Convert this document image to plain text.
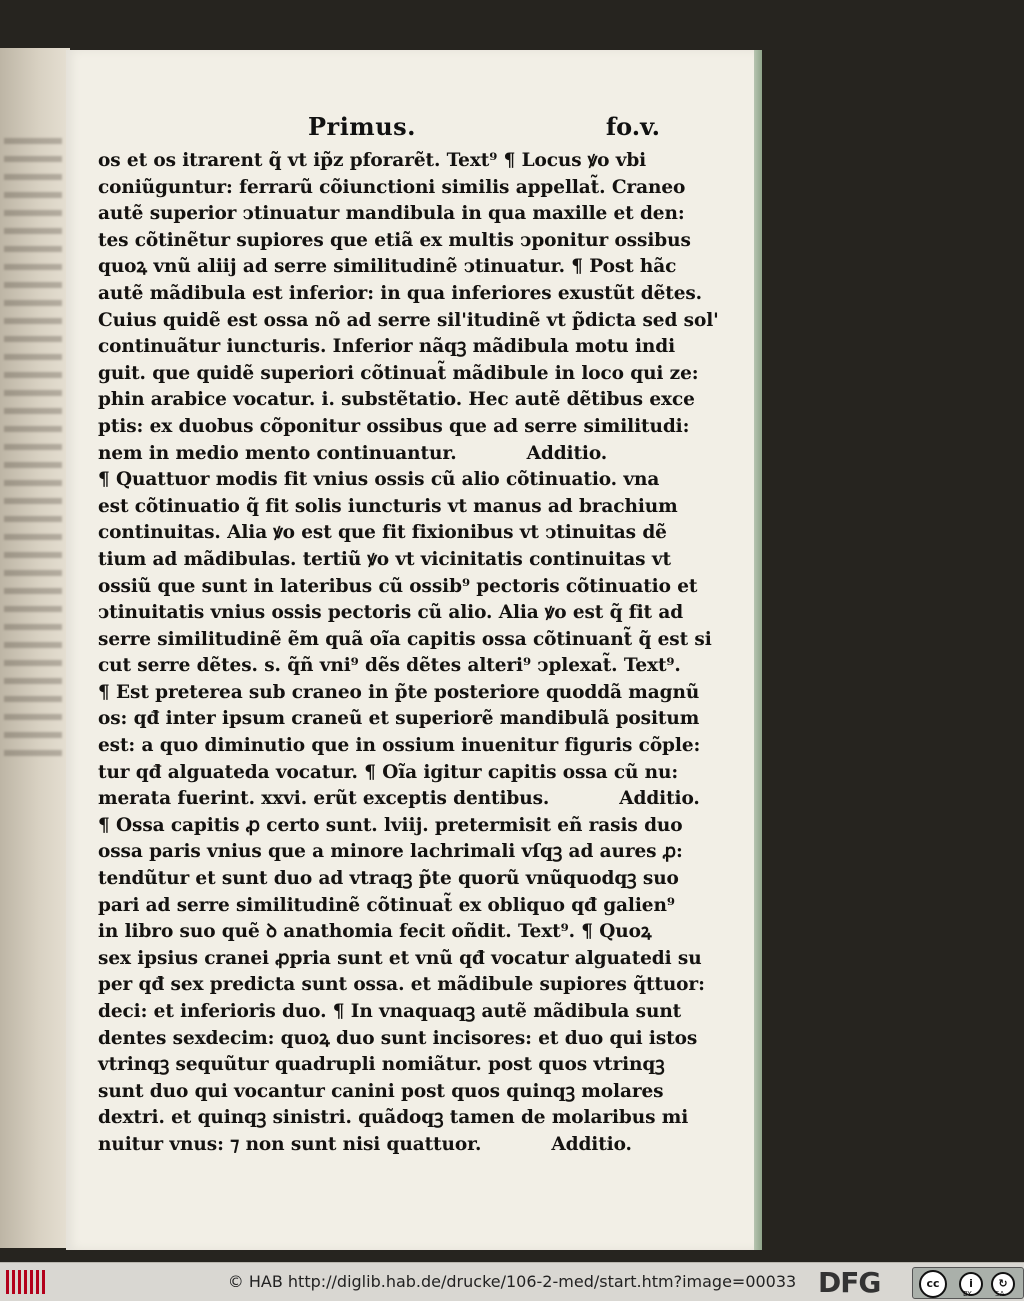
Primus.	fo.v.
os et os itrarent q̃ vt ip̃z pforarẽt. Text⁹ ¶ Locus ꝟo vbi
coniũguntur: ferrarũ cõiunctioni similis appellat̃. Craneo
autẽ superior ↄtinuatur mandibula in qua maxille et den:
tes cõtinẽtur supiores que etiã ex multis ↄponitur ossibus
quoꝝ vnũ aliĳ ad serre similitudinẽ ↄtinuatur. ¶ Post hãc
autẽ mãdibula est inferior: in qua inferiores exustũt dẽtes.
Cuius quidẽ est ossa nõ ad serre sil'itudinẽ vt p̃dicta sed sol'
continuãtur iuncturis. Inferior nãqꝫ mãdibula motu indi
guit. que quidẽ superiori cõtinuat̃ mãdibule in loco qui ze:
phin arabice vocatur. i. substẽtatio. Hec autẽ dẽtibus exce
ptis: ex duobus cõponitur ossibus que ad serre similitudi:
nem in medio mento continuantur.	Additio.
¶ Quattuor modis fit vnius ossis cũ alio cõtinuatio. vna
est cõtinuatio q̃ fit solis iuncturis vt manus ad brachium
continuitas. Alia ꝟo est que fit fixionibus vt ↄtinuitas dẽ
tium ad mãdibulas. tertiũ ꝟo vt vicinitatis continuitas vt
ossiũ que sunt in lateribus cũ ossib⁹ pectoris cõtinuatio et
ↄtinuitatis vnius ossis pectoris cũ alio. Alia ꝟo est q̃ fit ad
serre similitudinẽ ẽm quã oĩa capitis ossa cõtinuant̃ q̃ est si
cut serre dẽtes. s. q̃ñ vni⁹ dẽs dẽtes alteri⁹ ↄplexat̃. Text⁹.
¶ Est preterea sub craneo in p̃te posteriore quoddã magnũ
os: qđ inter ipsum craneũ et superiorẽ mandibulã positum
est: a quo diminutio que in ossium inuenitur figuris cõple:
tur qđ alguateda vocatur. ¶ Oĩa igitur capitis ossa cũ nu:
merata fuerint. xxvi. erũt exceptis dentibus.	Additio.
¶ Ossa capitis ꝓ certo sunt. lviĳ. pretermisit eñ rasis duo
ossa paris vnius que a minore lachrimali vſqꝫ ad aures ꝓ:
tendũtur et sunt duo ad vtraqꝫ p̃te quorũ vnũquodqꝫ suo
pari ad serre similitudinẽ cõtinuat̃ ex obliquo qđ galien⁹
in libro suo quẽ ꝺ anathomia fecit oñdit. Text⁹. ¶ Quoꝝ
sex ipsius cranei ꝓpria sunt et vnũ qđ vocatur alguatedi su
per qđ sex predicta sunt ossa. et mãdibule supiores q̃ttuor:
deci: et inferioris duo. ¶ In vnaquaqꝫ autẽ mãdibula sunt
dentes sexdecim: quoꝝ duo sunt incisores: et duo qui istos
vtrinqꝫ sequũtur quadrupli nomiãtur. post quos vtrinqꝫ
sunt duo qui vocantur canini post quos quinqꝫ molares
dextri. et quinqꝫ sinistri. quãdoqꝫ tamen de molaribus mi
nuitur vnus: ⁊ non sunt nisi quattuor.	Additio.
© HAB http://diglib.hab.de/drucke/106-2-med/start.htm?image=00033 DFG	cc	i	↻
BY	SA
